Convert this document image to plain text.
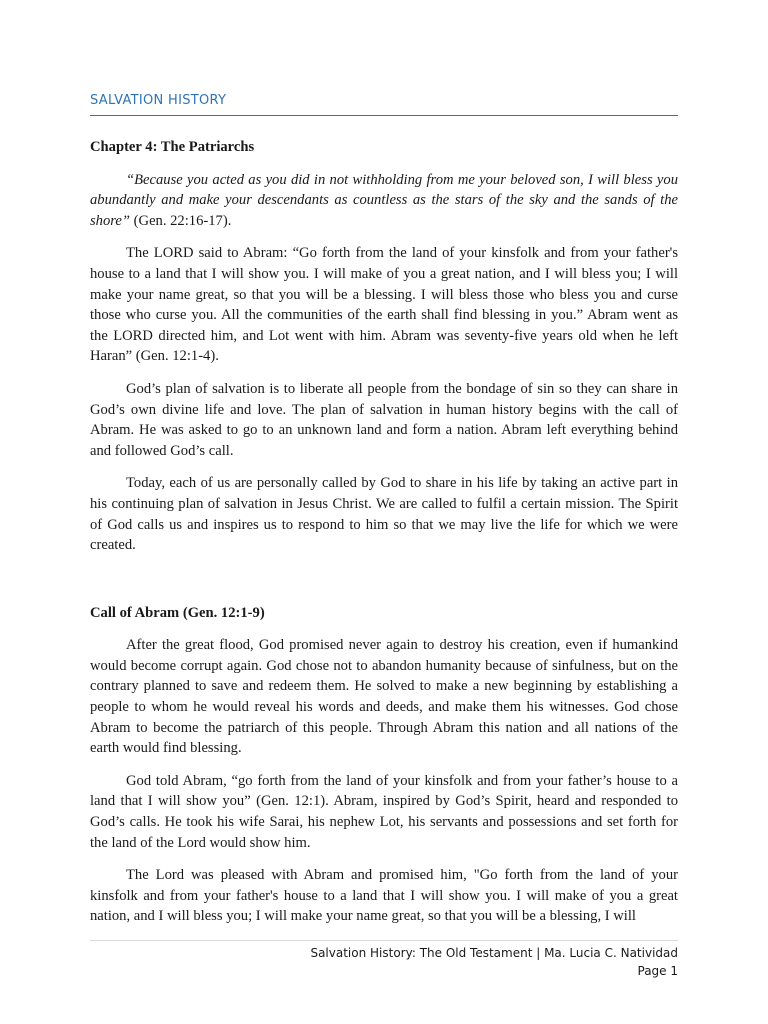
SALVATION HISTORY
Chapter 4: The Patriarchs

“Because you acted as you did in not withholding from me your beloved son, I will bless you abundantly and make your descendants as countless as the stars of the sky and the sands of the shore” (Gen. 22:16-17).

The LORD said to Abram: “Go forth from the land of your kinsfolk and from your father's house to a land that I will show you. I will make of you a great nation, and I will bless you; I will make your name great, so that you will be a blessing. I will bless those who bless you and curse those who curse you. All the communities of the earth shall find blessing in you.” Abram went as the LORD directed him, and Lot went with him. Abram was seventy-five years old when he left Haran” (Gen. 12:1-4).

God’s plan of salvation is to liberate all people from the bondage of sin so they can share in God’s own divine life and love. The plan of salvation in human history begins with the call of Abram. He was asked to go to an unknown land and form a nation. Abram left everything behind and followed God’s call.

Today, each of us are personally called by God to share in his life by taking an active part in his continuing plan of salvation in Jesus Christ. We are called to fulfil a certain mission. The Spirit of God calls us and inspires us to respond to him so that we may live the life for which we were created.

Call of Abram (Gen. 12:1-9)

After the great flood, God promised never again to destroy his creation, even if humankind would become corrupt again. God chose not to abandon humanity because of sinfulness, but on the contrary planned to save and redeem them. He solved to make a new beginning by establishing a people to whom he would reveal his words and deeds, and make them his witnesses. God chose Abram to become the patriarch of this people. Through Abram this nation and all nations of the earth would find blessing.

God told Abram, “go forth from the land of your kinsfolk and from your father’s house to a land that I will show you” (Gen. 12:1). Abram, inspired by God’s Spirit, heard and responded to God’s calls. He took his wife Sarai, his nephew Lot, his servants and possessions and set forth for the land of the Lord would show him.

The Lord was pleased with Abram and promised him, "Go forth from the land of your kinsfolk and from your father's house to a land that I will show you. I will make of you a great nation, and I will bless you; I will make your name great, so that you will be a blessing, I will

Salvation History: The Old Testament | Ma. Lucia C. Natividad
Page 1
